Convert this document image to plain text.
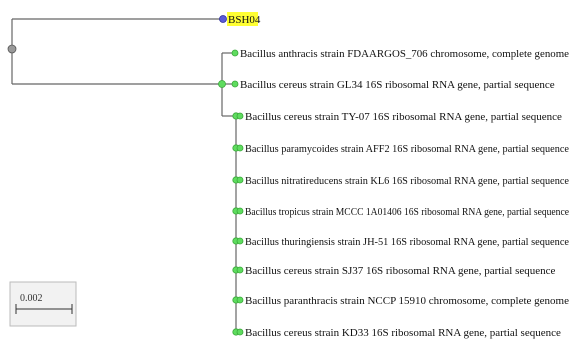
BSH04
Bacillus anthracis strain FDAARGOS_706 chromosome, complete genome
Bacillus cereus strain GL34 16S ribosomal RNA gene, partial sequence
Bacillus cereus strain TY-07 16S ribosomal RNA gene, partial sequence
Bacillus paramycoides strain AFF2 16S ribosomal RNA gene, partial sequence
Bacillus nitratireducens strain KL6 16S ribosomal RNA gene, partial sequence
Bacillus tropicus strain MCCC 1A01406 16S ribosomal RNA gene, partial sequence
Bacillus thuringiensis strain JH-51 16S ribosomal RNA gene, partial sequence
Bacillus cereus strain SJ37 16S ribosomal RNA gene, partial sequence
Bacillus paranthracis strain NCCP 15910 chromosome, complete genome
Bacillus cereus strain KD33 16S ribosomal RNA gene, partial sequence
0.002
